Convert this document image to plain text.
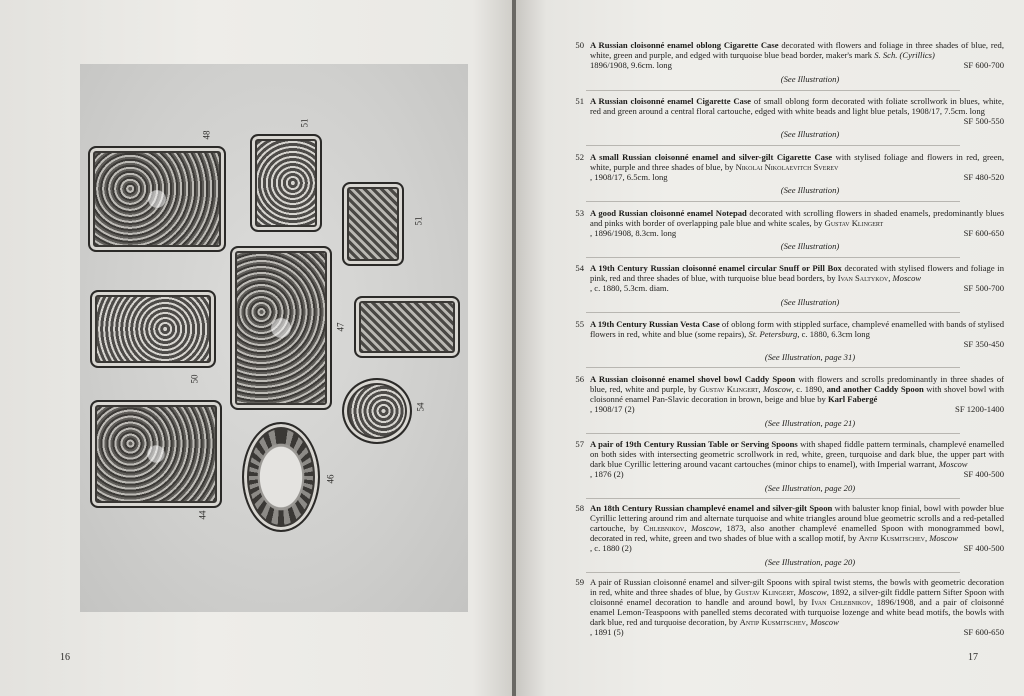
48
51
51
50
47
54
44
46
16
50 A Russian cloisonné enamel oblong Cigarette Case decorated with flowers and foliage in three shades of blue, red, white, green and purple, and edged with turquoise blue bead border, maker's mark S. Sch. (Cyrillics)
1896/1908, 9.6cm. long	SF 600-700
(See Illustration)
51 A Russian cloisonné enamel Cigarette Case of small oblong form decorated with foliate scrollwork in blues, white, red and green around a central floral cartouche, edged with white beads and light blue petals, 1908/17, 7.5cm. long
SF 500-550
(See Illustration)
52 A small Russian cloisonné enamel and silver-gilt Cigarette Case with stylised foliage and flowers in red, green, white, purple and three shades of blue, by Nikolai Nikolaevitch Sverev
, 1908/17, 6.5cm. long	SF 480-520
(See Illustration)
53 A good Russian cloisonné enamel Notepad decorated with scrolling flowers in shaded enamels, predominantly blues and pinks with border of overlapping pale blue and white scales, by Gustav Klingert
, 1896/1908, 8.3cm. long	SF 600-650
(See Illustration)
54 A 19th Century Russian cloisonné enamel circular Snuff or Pill Box decorated with stylised flowers and foliage in pink, red and three shades of blue, with turquoise blue bead borders, by Ivan Saltykov, Moscow
, c. 1880, 5.3cm. diam.	SF 500-700
(See Illustration)
55 A 19th Century Russian Vesta Case of oblong form with stippled surface, champlevé enamelled with bands of stylised flowers in red, white and blue (some repairs), St. Petersburg, c. 1880, 6.3cm long
SF 350-450
(See Illustration, page 31)
56 A Russian cloisonné enamel shovel bowl Caddy Spoon with flowers and scrolls predominantly in three shades of blue, red, white and purple, by Gustav Klingert, Moscow, c. 1890, and another Caddy Spoon with shovel bowl with cloisonné enamel Pan-Slavic decoration in brown, beige and blue by Karl Fabergé
, 1908/17 (2)	SF 1200-1400
(See Illustration, page 21)
57 A pair of 19th Century Russian Table or Serving Spoons with shaped fiddle pattern terminals, champlevé enamelled on both sides with intersecting geometric scrollwork in red, white, green, turquoise and dark blue, the upper part with dark blue Cyrillic lettering around vacant cartouches (minor chips to enamel), with Imperial warrant, Moscow
, 1876 (2)	SF 400-500
(See Illustration, page 20)
58 An 18th Century Russian champlevé enamel and silver-gilt Spoon with baluster knop finial, bowl with powder blue Cyrillic lettering around rim and alternate turquoise and white triangles around blue geometric scrolls and a red-petalled cartouche, by Chlebnikov, Moscow, 1873, also another champlevé enamelled Spoon with monogrammed bowl, decorated in red, white, green and two shades of blue with a scallop motif, by Antip Kusmitschev, Moscow
, c. 1880 (2)	SF 400-500
(See Illustration, page 20)
59 A pair of Russian cloisonné enamel and silver-gilt Spoons with spiral twist stems, the bowls with geometric decoration in red, white and three shades of blue, by Gustav Klingert, Moscow, 1892, a silver-gilt fiddle pattern Sifter Spoon with cloisonné enamel decoration to handle and around bowl, by Ivan Chlebnikov, 1896/1908, and a pair of cloisonné enamel Lemon-Teaspoons with panelled stems decorated with turquoise lozenge and white bead motifs, the bowls with dark blue, red and turquoise decoration, by Antip Kusmitschev, Moscow
, 1891 (5)	SF 600-650
17
